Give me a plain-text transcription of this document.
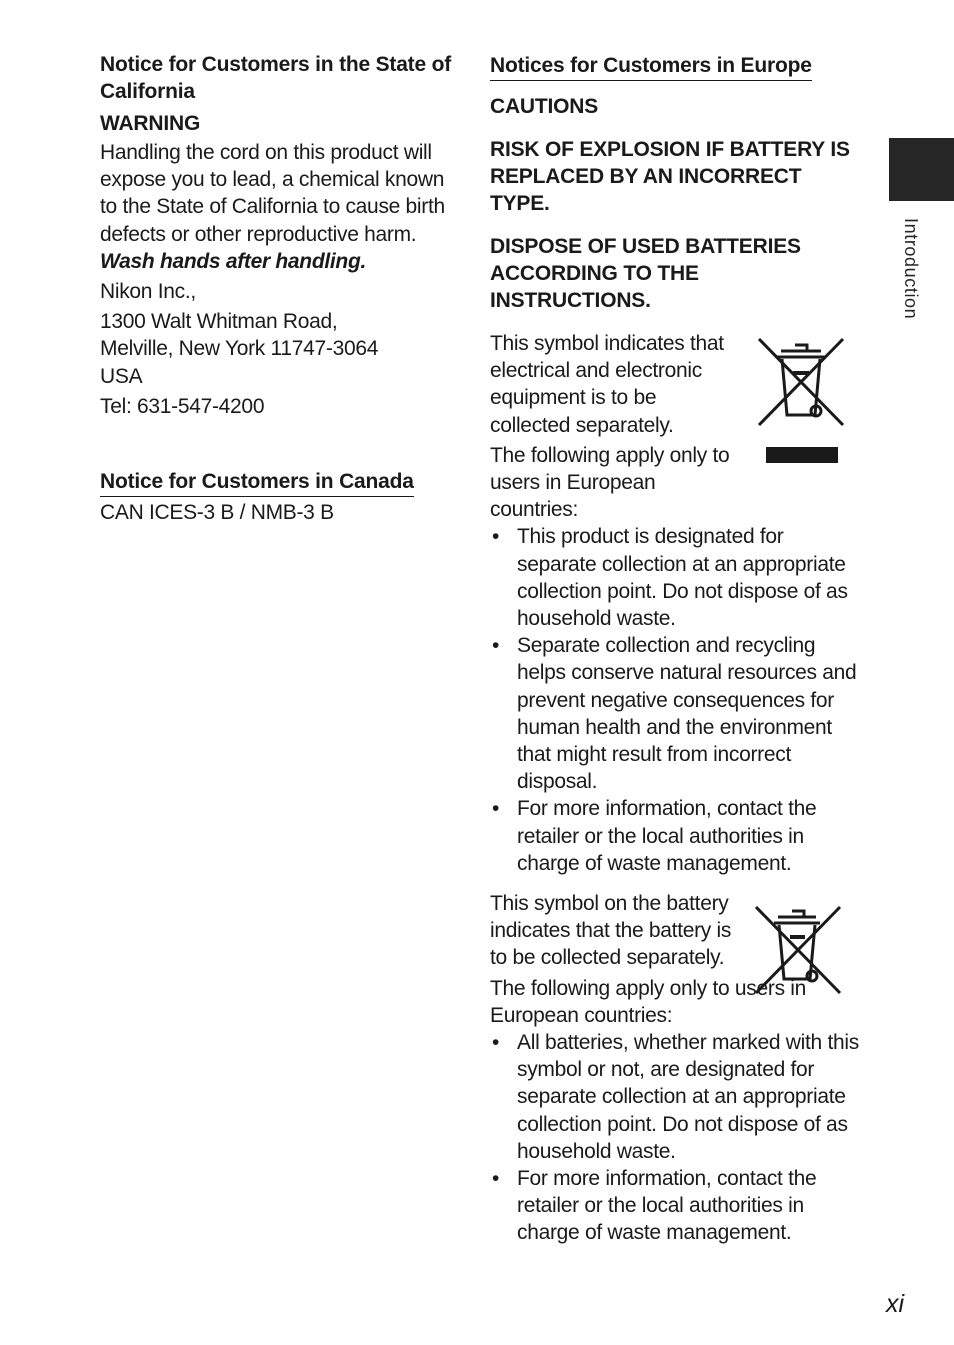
Notice for Customers in the State of California
WARNING

Handling the cord on this product will expose you to lead, a chemical known to the State of California to cause birth defects or other reproductive harm.

Wash hands after handling.

Nikon Inc.,

1300 Walt Whitman Road,

Melville, New York 11747-3064

USA

Tel: 631-547-4200

Notice for Customers in Canada

CAN ICES-3 B / NMB-3 B

Notices for Customers in Europe
CAUTIONS
RISK OF EXPLOSION IF BATTERY IS REPLACED BY AN INCORRECT TYPE.
DISPOSE OF USED BATTERIES ACCORDING TO THE INSTRUCTIONS.

This symbol indicates that electrical and electronic equipment is to be collected separately.

The following apply only to users in European countries:

• This product is designated for separate collection at an appropriate collection point. Do not dispose of as household waste.
• Separate collection and recycling helps conserve natural resources and prevent negative consequences for human health and the environment that might result from incorrect disposal.
• For more information, contact the retailer or the local authorities in charge of waste management.

This symbol on the battery indicates that the battery is to be collected separately.

The following apply only to users in European countries:

• All batteries, whether marked with this symbol or not, are designated for separate collection at an appropriate collection point. Do not dispose of as household waste.
• For more information, contact the retailer or the local authorities in charge of waste management.
Introduction
xi
